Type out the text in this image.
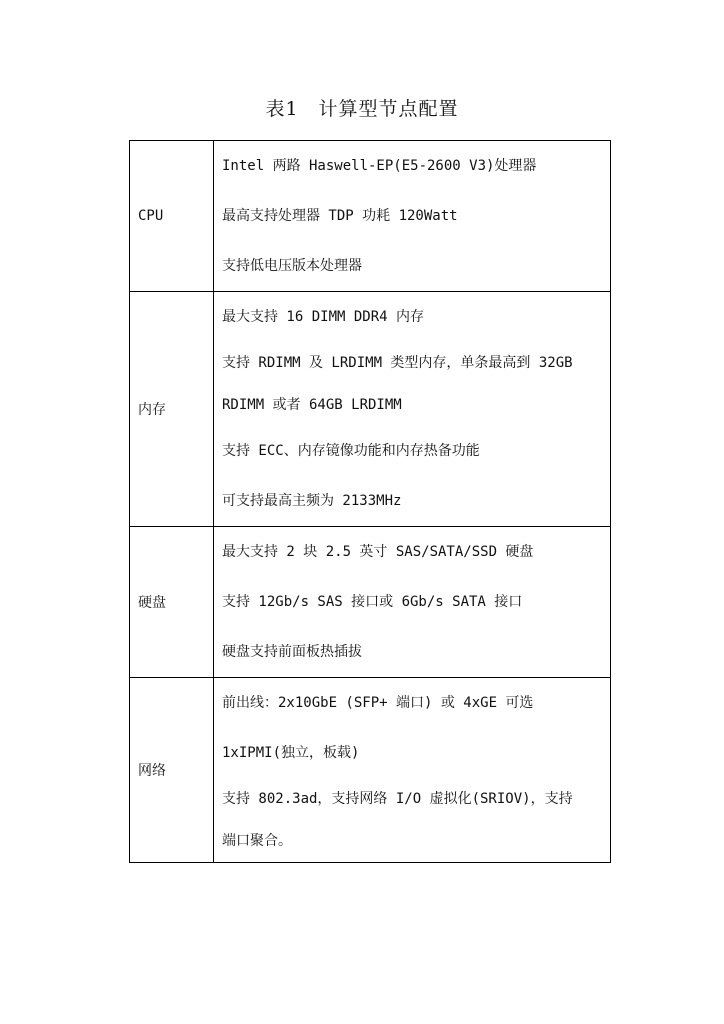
表1　计算型节点配置
CPU	Intel 两路 Haswell-EP(E5-2600 V3)处理器
最高支持处理器 TDP 功耗 120Watt
支持低电压版本处理器

内存	最大支持 16 DIMM DDR4 内存
支持 RDIMM 及 LRDIMM 类型内存，单条最高到 32GB
RDIMM 或者 64GB LRDIMM
支持 ECC、内存镜像功能和内存热备功能
可支持最高主频为 2133MHz

硬盘	最大支持 2 块 2.5 英寸 SAS/SATA/SSD 硬盘
支持 12Gb/s SAS 接口或 6Gb/s SATA 接口
硬盘支持前面板热插拔

网络	前出线：2x10GbE (SFP+ 端口) 或 4xGE 可选
1xIPMI(独立，板载)
支持 802.3ad，支持网络 I/O 虚拟化(SRIOV)，支持
端口聚合。
